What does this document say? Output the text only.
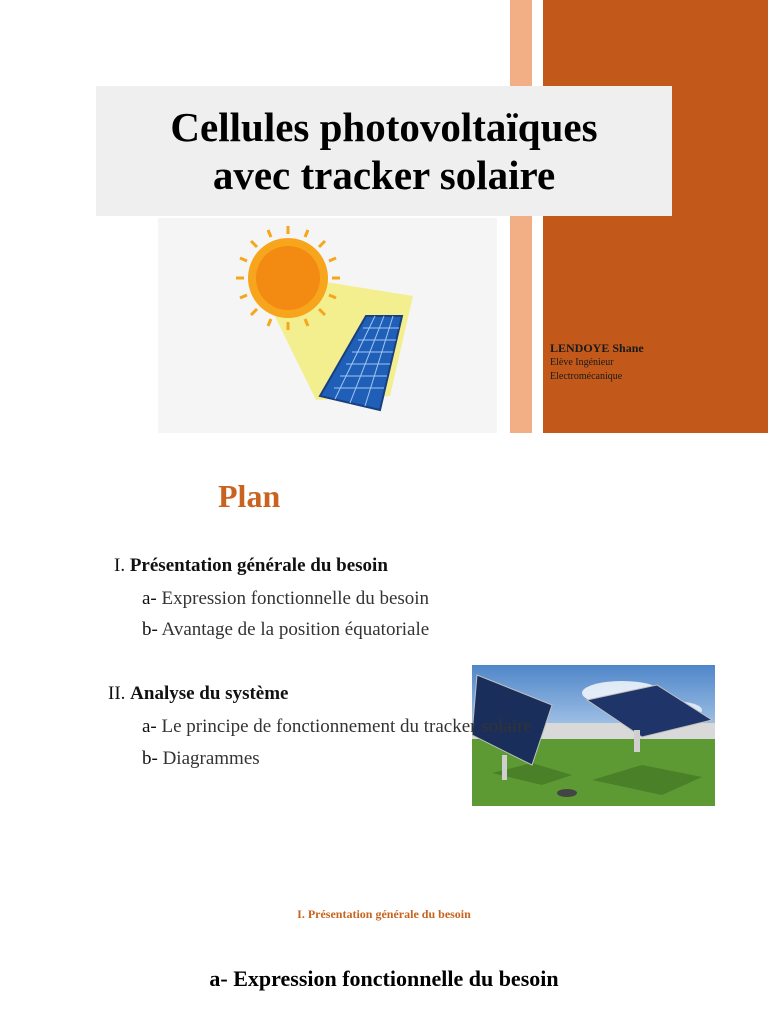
LENDOYE Shane
Elève Ingénieur
Electromécanique
Cellules photovoltaïques
avec tracker solaire
Plan
I. Présentation générale du besoin
a- Expression fonctionnelle du besoin
b- Avantage de la position équatoriale
II. Analyse du système
a- Le principe de fonctionnement du tracker solaire
b- Diagrammes
I. Présentation générale du besoin
a- Expression fonctionnelle du besoin
